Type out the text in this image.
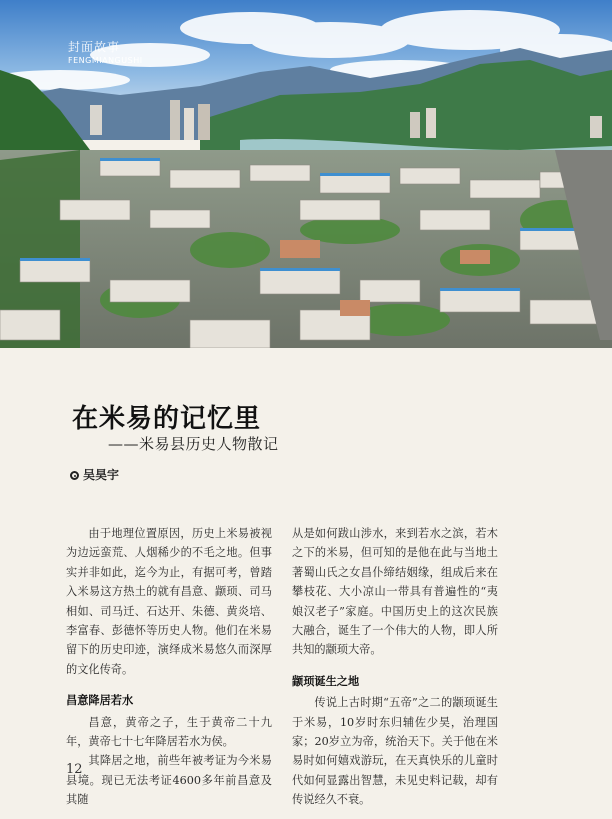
封面故事
FENGMIANGUSHI
在米易的记忆里
——米易县历史人物散记
吴昊宇

由于地理位置原因，历史上米易被视为边远蛮荒、人烟稀少的不毛之地。但事实并非如此，迄今为止，有据可考，曾踏入米易这方热土的就有昌意、颛顼、司马相如、司马迁、石达开、朱德、黄炎培、李富春、彭德怀等历史人物。他们在米易留下的历史印迹，演绎成米易悠久而深厚的文化传奇。

昌意降居若水

昌意，黄帝之子，生于黄帝二十九年，黄帝七十七年降居若水为侯。

其降居之地，前些年被考证为今米易县境。现已无法考证4600多年前昌意及其随

从是如何跋山涉水，来到若水之滨，若木之下的米易，但可知的是他在此与当地土著蜀山氏之女昌仆缔结姻缘，组成后来在攀枝花、大小凉山一带具有普遍性的“夷娘汉老子”家庭。中国历史上的这次民族大融合，诞生了一个伟大的人物，即人所共知的颛顼大帝。

颛顼诞生之地

传说上古时期“五帝”之二的颛顼诞生于米易，10岁时东归辅佐少昊，治理国家；20岁立为帝，统治天下。关于他在米易时如何嬉戏游玩，在天真快乐的儿童时代如何显露出智慧，未见史料记载，却有传说经久不衰。

12
